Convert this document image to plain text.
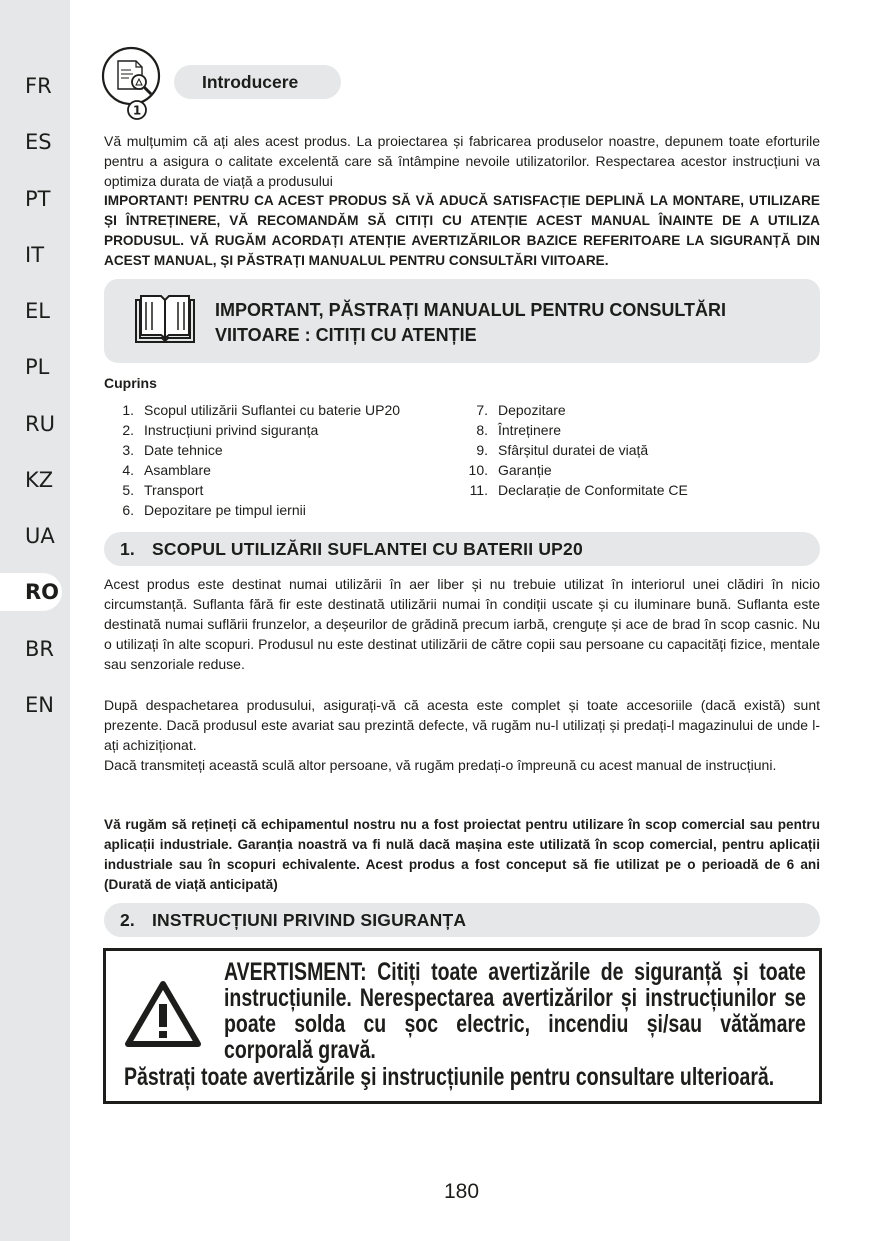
FR
ES
PT
IT
EL
PL
RU
KZ
UA
RO
BR
EN
1
Introducere
Vă mulțumim că ați ales acest produs. La proiectarea și fabricarea produselor noastre, depunem toate eforturile pentru a asigura o calitate excelentă care să întâmpine nevoile utilizatorilor. Respectarea acestor instrucțiuni va optimiza durata de viață a produsului
IMPORTANT! PENTRU CA ACEST PRODUS SĂ VĂ ADUCĂ SATISFACȚIE DEPLINĂ LA MONTARE, UTILIZARE ȘI ÎNTREȚINERE, VĂ RECOMANDĂM SĂ CITIȚI CU ATENȚIE ACEST MANUAL ÎNAINTE DE A UTILIZA PRODUSUL. VĂ RUGĂM ACORDAȚI ATENȚIE AVERTIZĂRILOR BAZICE REFERITOARE LA SIGURANȚĂ DIN ACEST MANUAL, ȘI PĂSTRAȚI MANUALUL PENTRU CONSULTĂRI VIITOARE.
IMPORTANT, PĂSTRAȚI MANUALUL PENTRU CONSULTĂRI
VIITOARE : CITIȚI CU ATENȚIE
Cuprins
1. Scopul utilizării Suflantei cu baterie UP20
2. Instrucțiuni privind siguranța
3. Date tehnice
4. Asamblare
5. Transport
6. Depozitare pe timpul iernii
7. Depozitare
8. Întreținere
9. Sfârșitul duratei de viață
10. Garanție
11. Declarație de Conformitate CE
1. SCOPUL UTILIZĂRII SUFLANTEI CU BATERII UP20
Acest produs este destinat numai utilizării în aer liber și nu trebuie utilizat în interiorul unei clădiri în nicio circumstanță. Suflanta fără fir este destinată utilizării numai în condiții uscate și cu iluminare bună. Suflanta este destinată numai suflării frunzelor, a deșeurilor de grădină precum iarbă, crenguțe și ace de brad în scop casnic. Nu o utilizați în alte scopuri. Produsul nu este destinat utilizării de către copii sau persoane cu capacități fizice, mentale sau senzoriale reduse.
După despachetarea produsului, asigurați-vă că acesta este complet și toate accesoriile (dacă există) sunt prezente. Dacă produsul este avariat sau prezintă defecte, vă rugăm nu-l utilizați și predați-l magazinului de unde l-ați achiziționat.
Dacă transmiteți această sculă altor persoane, vă rugăm predați-o împreună cu acest manual de instrucțiuni.
Vă rugăm să rețineți că echipamentul nostru nu a fost proiectat pentru utilizare în scop comercial sau pentru aplicații industriale. Garanția noastră va fi nulă dacă mașina este utilizată în scop comercial, pentru aplicații industriale sau în scopuri echivalente. Acest produs a fost conceput să fie utilizat pe o perioadă de 6 ani (Durată de viață anticipată)
2. INSTRUCȚIUNI PRIVIND SIGURANȚA
AVERTISMENT: Citiți toate avertizările de siguranță și toate instrucțiunile. Nerespectarea avertizărilor și instrucțiunilor se poate solda cu șoc electric, incendiu și/sau vătămare corporală gravă.
Păstrați toate avertizările şi instrucțiunile pentru consultare ulterioară.
180
